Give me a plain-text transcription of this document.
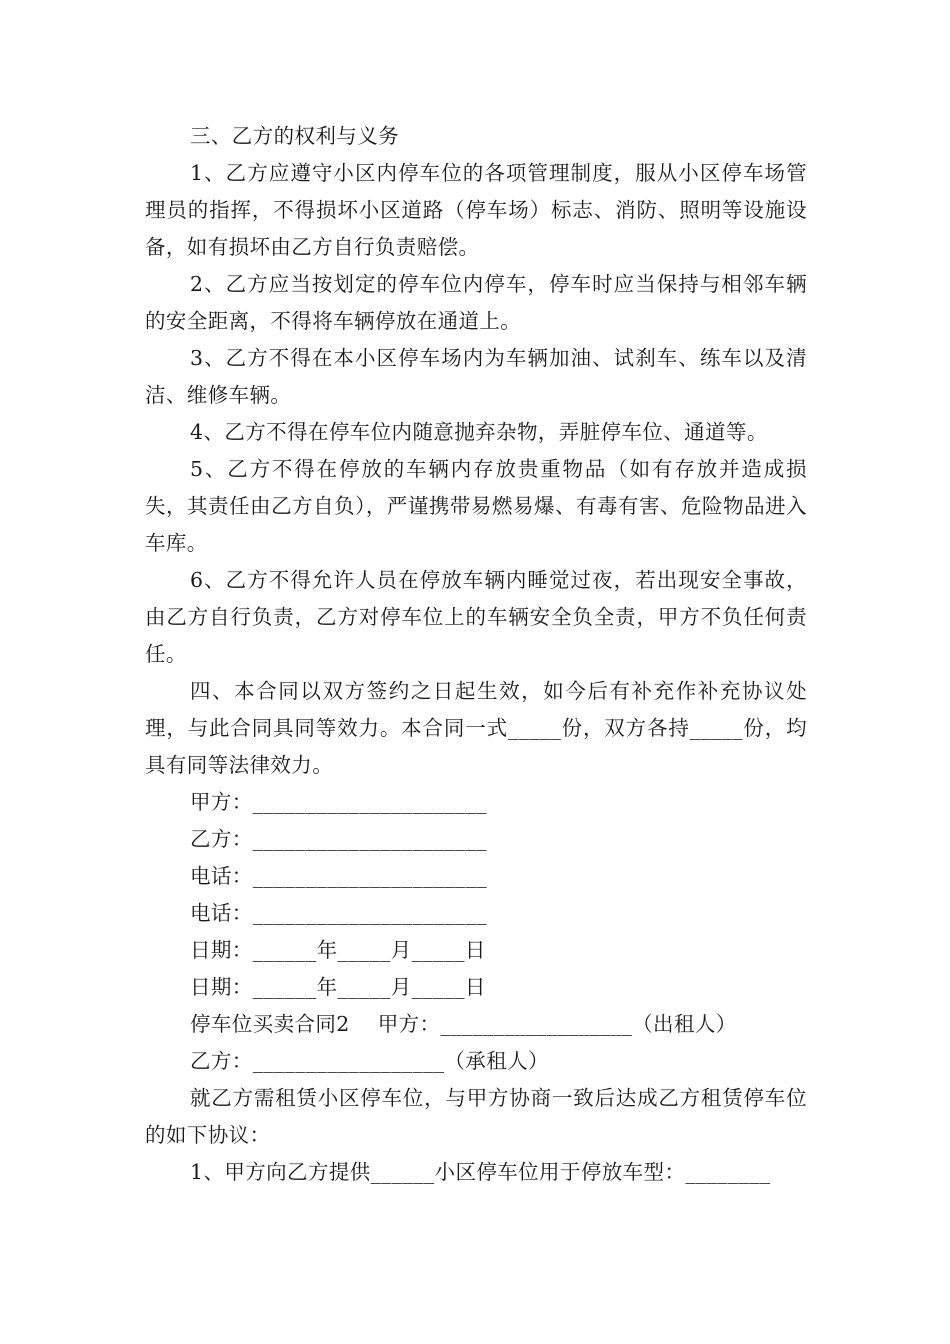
三、乙方的权利与义务

1、乙方应遵守小区内停车位的各项管理制度，服从小区停车场管理员的指挥，不得损坏小区道路（停车场）标志、消防、照明等设施设备，如有损坏由乙方自行负责赔偿。

2、乙方应当按划定的停车位内停车，停车时应当保持与相邻车辆的安全距离，不得将车辆停放在通道上。

3、乙方不得在本小区停车场内为车辆加油、试刹车、练车以及清洁、维修车辆。

4、乙方不得在停车位内随意抛弃杂物，弄脏停车位、通道等。

5、乙方不得在停放的车辆内存放贵重物品（如有存放并造成损失，其责任由乙方自负），严谨携带易燃易爆、有毒有害、危险物品进入车库。

6、乙方不得允许人员在停放车辆内睡觉过夜，若出现安全事故，由乙方自行负责，乙方对停车位上的车辆安全负全责，甲方不负任何责任。

四、本合同以双方签约之日起生效，如今后有补充作补充协议处理，与此合同具同等效力。本合同一式_____份，双方各持_____份，均具有同等法律效力。

甲方：______________________

乙方：______________________

电话：______________________

电话：______________________

日期：______年_____月_____日

日期：______年_____月_____日

停车位买卖合同2 甲方：__________________（出租人）

乙方：__________________（承租人）

就乙方需租赁小区停车位，与甲方协商一致后达成乙方租赁停车位的如下协议：

1、甲方向乙方提供______小区停车位用于停放车型：________
